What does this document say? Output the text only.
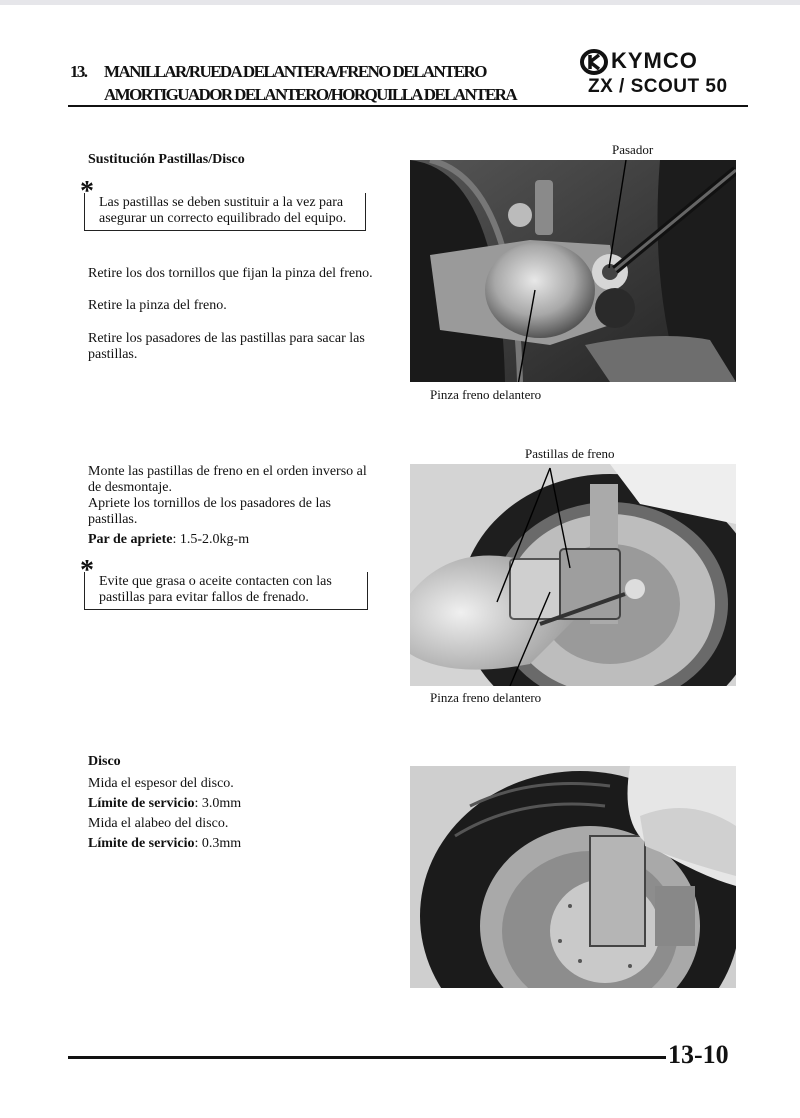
13. MANILLAR/RUEDA DELANTERA/FRENO DELANTERO
AMORTIGUADOR DELANTERO/HORQUILLA DELANTERA
KYMCO
ZX / SCOUT 50
Sustitución Pastillas/Disco
* Las pastillas se deben sustituir a la vez para asegurar un correcto equilibrado del equipo.
Retire los dos tornillos que fijan la pinza del freno.
Retire la pinza del freno.
Retire los pasadores de las pastillas para sacar las pastillas.
Pasador
Pinza freno delantero
Monte las pastillas de freno en el orden inverso al de desmontaje.
Apriete los tornillos de los pasadores de las pastillas.
Par de apriete: 1.5-2.0kg-m
* Evite que grasa o aceite contacten con las pastillas para evitar fallos de frenado.
Pastillas de freno
Pinza freno delantero
Disco
Mida el espesor del disco.
Límite de servicio: 3.0mm
Mida el alabeo del disco.
Límite de servicio: 0.3mm
13-10
